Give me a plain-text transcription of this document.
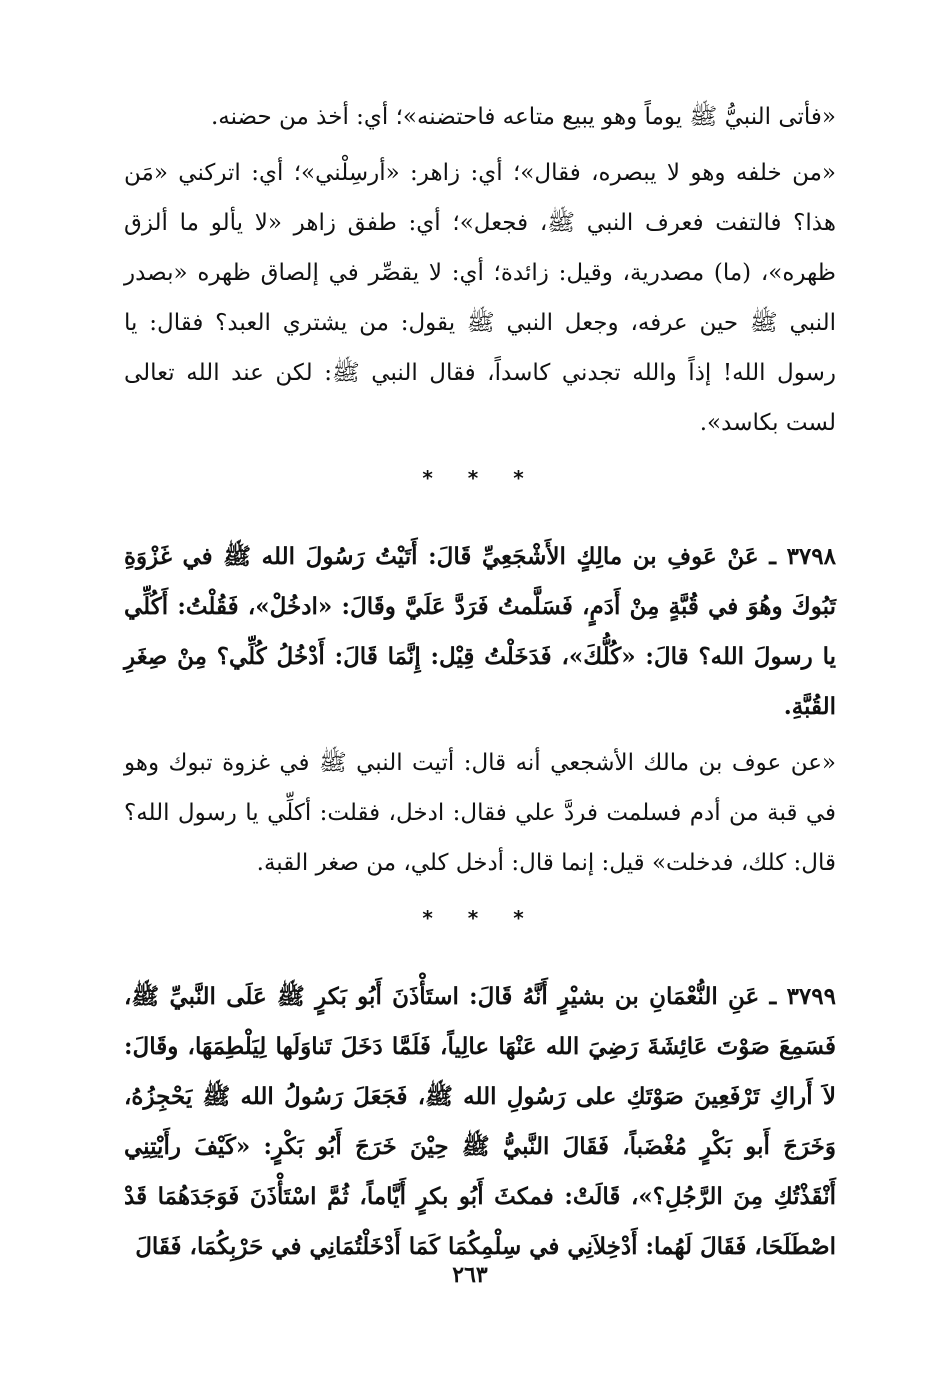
«فأتى النبيُّ ﷺ يوماً وهو يبيع متاعه فاحتضنه»؛ أي: أخذ من حضنه.

«من خلفه وهو لا يبصره، فقال»؛ أي: زاهر: «أرسِلْني»؛ أي: اتركني «مَن هذا؟ فالتفت فعرف النبي ﷺ، فجعل»؛ أي: طفق زاهر «لا يألو ما ألزق ظهره»، (ما) مصدرية، وقيل: زائدة؛ أي: لا يقصِّر في إلصاق ظهره «بصدر النبي ﷺ حين عرفه، وجعل النبي ﷺ يقول: من يشتري العبد؟ فقال: يا رسول الله! إذاً والله تجدني كاسداً، فقال النبي ﷺ: لكن عند الله تعالى لست بكاسد».

* * *

٣٧٩٨ ـ عَنْ عَوفِ بن مالِكٍ الأَشْجَعِيِّ قَالَ: أَتَيْتُ رَسُولَ الله ﷺ في غَزْوَةِ تَبُوكَ وهُوَ في قُبَّةٍ مِنْ أَدَمٍ، فَسَلَّمتُ فَرَدَّ عَلَيَّ وقَالَ: «ادخُلْ»، فَقُلْتُ: أَكُلِّي يا رسولَ الله؟ قالَ: «كُلُّكَ»، فَدَخَلْتُ قِيْل: إِنَّمَا قَالَ: أَدْخُلُ كُلِّي؟ مِنْ صِغَرِ القُبَّةِ.

«عن عوف بن مالك الأشجعي أنه قال: أتيت النبي ﷺ في غزوة تبوك وهو في قبة من أدم فسلمت فردَّ علي فقال: ادخل، فقلت: أكلِّي يا رسول الله؟ قال: كلك، فدخلت» قيل: إنما قال: أدخل كلي، من صغر القبة.

* * *

٣٧٩٩ ـ عَنِ النُّعْمَانِ بن بشيْرٍ أَنَّهُ قَالَ: استَأْذَنَ أَبُو بَكرٍ ﷺ عَلَى النَّبيِّ ﷺ، فَسَمِعَ صَوْتَ عَائِشَةَ رَضِيَ الله عَنْهَا عالِياً، فَلَمَّا دَخَلَ تَناوَلَها لِيَلْطِمَهَا، وقَالَ: لاَ أَراكِ تَرْفَعِينَ صَوْتَكِ على رَسُولِ الله ﷺ، فَجَعَلَ رَسُولُ الله ﷺ يَحْجِزُهُ، وَخَرَجَ أَبو بَكْرٍ مُغْضَباً، فَقَالَ النَّبيُّ ﷺ حِيْنَ خَرَجَ أَبُو بَكْرٍ: «كَيْفَ رأَيْتِنِي أَنْقَذْتُكِ مِنَ الرَّجُلِ؟»، قَالَتْ: فمكثَ أَبُو بكرٍ أَيَّاماً، ثُمَّ اسْتَأْذَنَ فَوَجَدَهُمَا قَدْ اصْطَلَحَا، فَقَالَ لَهُما: أَدْخِلاَنِي في سِلْمِكُمَا كَمَا أَدْخَلْتُمَانِي في حَرْبِكُمَا، فَقَالَ

٢٦٣
